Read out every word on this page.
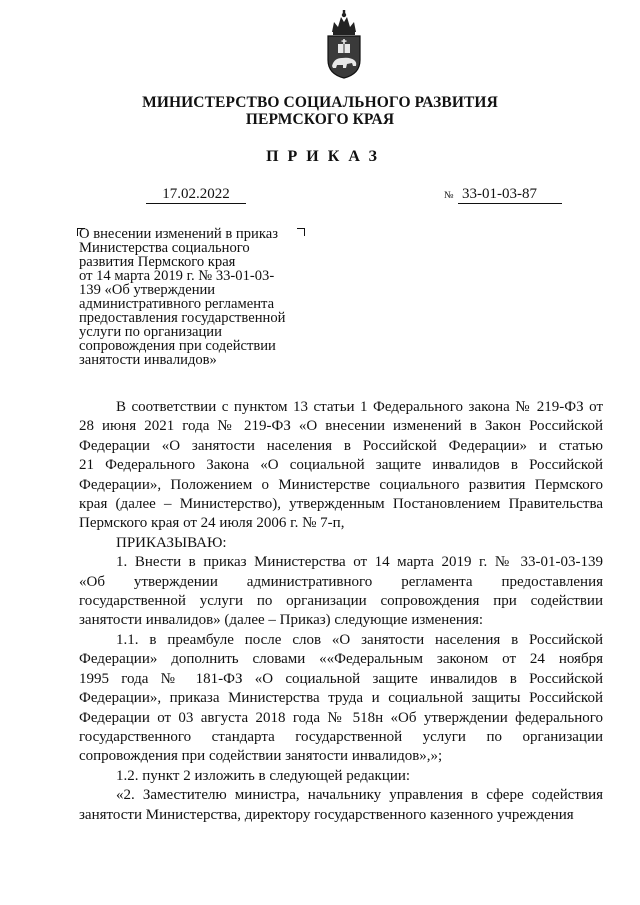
МИНИСТЕРСТВО СОЦИАЛЬНОГО РАЗВИТИЯ
ПЕРМСКОГО КРАЯ
ПРИКАЗ
17.02.2022	№ 33-01-03-87
О внесении изменений в приказ
Министерства социального
развития Пермского края
от 14 марта 2019 г. № 33-01-03-
139 «Об утверждении
административного регламента
предоставления государственной
услуги по организации
сопровождения при содействии
занятости инвалидов»
В соответствии с пунктом 13 статьи 1 Федерального закона № 219-ФЗ от
28 июня 2021 года № 219-ФЗ «О внесении изменений в Закон Российской
Федерации «О занятости населения в Российской Федерации» и статью
21 Федерального Закона «О социальной защите инвалидов в Российской
Федерации», Положением о Министерстве социального развития Пермского
края (далее – Министерство), утвержденным Постановлением Правительства
Пермского края от 24 июля 2006 г. № 7-п,
ПРИКАЗЫВАЮ:
1. Внести в приказ Министерства от 14 марта 2019 г. № 33-01-03-139
«Об утверждении административного регламента предоставления
государственной услуги по организации сопровождения при содействии
занятости инвалидов» (далее – Приказ) следующие изменения:
1.1. в преамбуле после слов «О занятости населения в Российской
Федерации» дополнить словами ««Федеральным законом от 24 ноября
1995 года № 181-ФЗ «О социальной защите инвалидов в Российской
Федерации», приказа Министерства труда и социальной защиты Российской
Федерации от 03 августа 2018 года № 518н «Об утверждении федерального
государственного стандарта государственной услуги по организации
сопровождения при содействии занятости инвалидов»,»;
1.2. пункт 2 изложить в следующей редакции:
«2. Заместителю министра, начальнику управления в сфере содействия
занятости Министерства, директору государственного казенного учреждения
